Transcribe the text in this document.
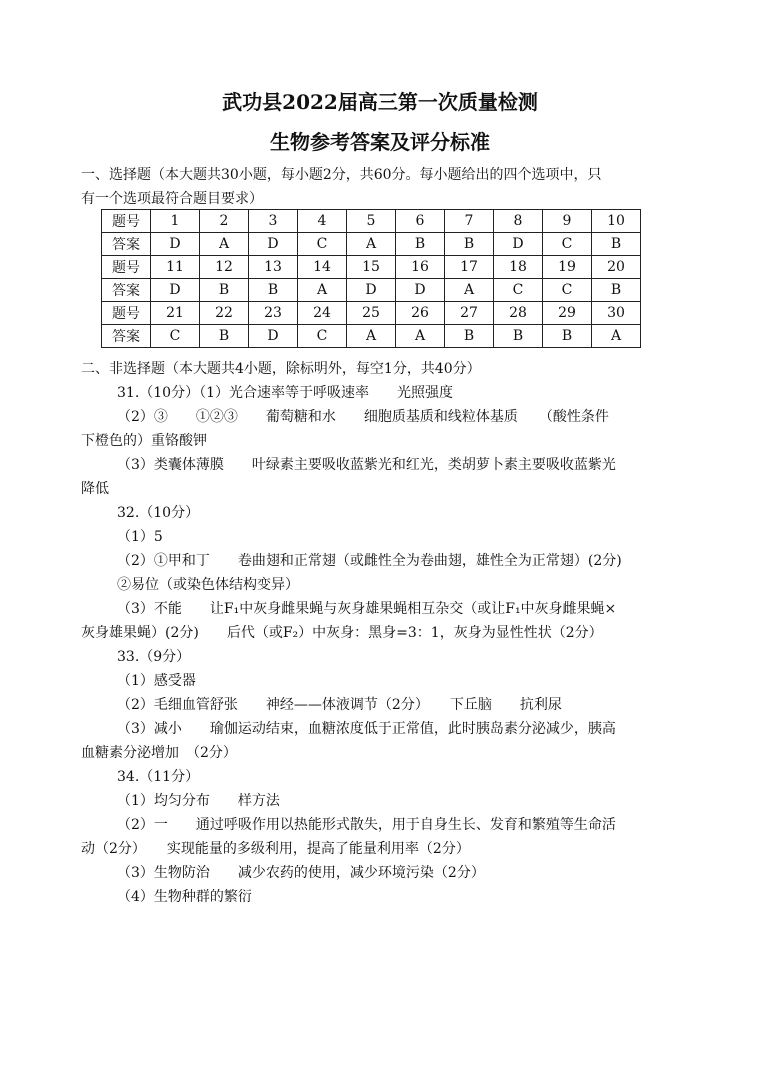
武功县2022届高三第一次质量检测
生物参考答案及评分标准
一、选择题（本大题共30小题，每小题2分，共60分。每小题给出的四个选项中，只
有一个选项最符合题目要求）
题号	1	2	3	4	5	6	7	8	9	10
答案	D	A	D	C	A	B	B	D	C	B
题号	11	12	13	14	15	16	17	18	19	20
答案	D	B	B	A	D	D	A	C	C	B
题号	21	22	23	24	25	26	27	28	29	30
答案	C	B	D	C	A	A	B	B	B	A
二、非选择题（本大题共4小题，除标明外，每空1分，共40分）
31.（10分）（1）光合速率等于呼吸速率　　光照强度
（2）③　　①②③　　葡萄糖和水　　细胞质基质和线粒体基质　　（酸性条件
下橙色的）重铬酸钾
（3）类囊体薄膜　　叶绿素主要吸收蓝紫光和红光，类胡萝卜素主要吸收蓝紫光
降低
32.（10分）
（1）5
（2）①甲和丁　　卷曲翅和正常翅（或雌性全为卷曲翅，雄性全为正常翅）(2分)
②易位（或染色体结构变异）
（3）不能　　让F₁中灰身雌果蝇与灰身雄果蝇相互杂交（或让F₁中灰身雌果蝇×
灰身雄果蝇）(2分)　　后代（或F₂）中灰身：黑身=3：1，灰身为显性性状（2分）
33.（9分）
（1）感受器
（2）毛细血管舒张　　神经——体液调节（2分）　　下丘脑　　抗利尿
（3）减小　　瑜伽运动结束，血糖浓度低于正常值，此时胰岛素分泌减少，胰高
血糖素分泌增加　（2分）
34.（11分）
（1）均匀分布　　样方法
（2）一　　通过呼吸作用以热能形式散失，用于自身生长、发育和繁殖等生命活
动（2分）　　实现能量的多级利用，提高了能量利用率（2分）
（3）生物防治　　减少农药的使用，减少环境污染（2分）
（4）生物种群的繁衍
